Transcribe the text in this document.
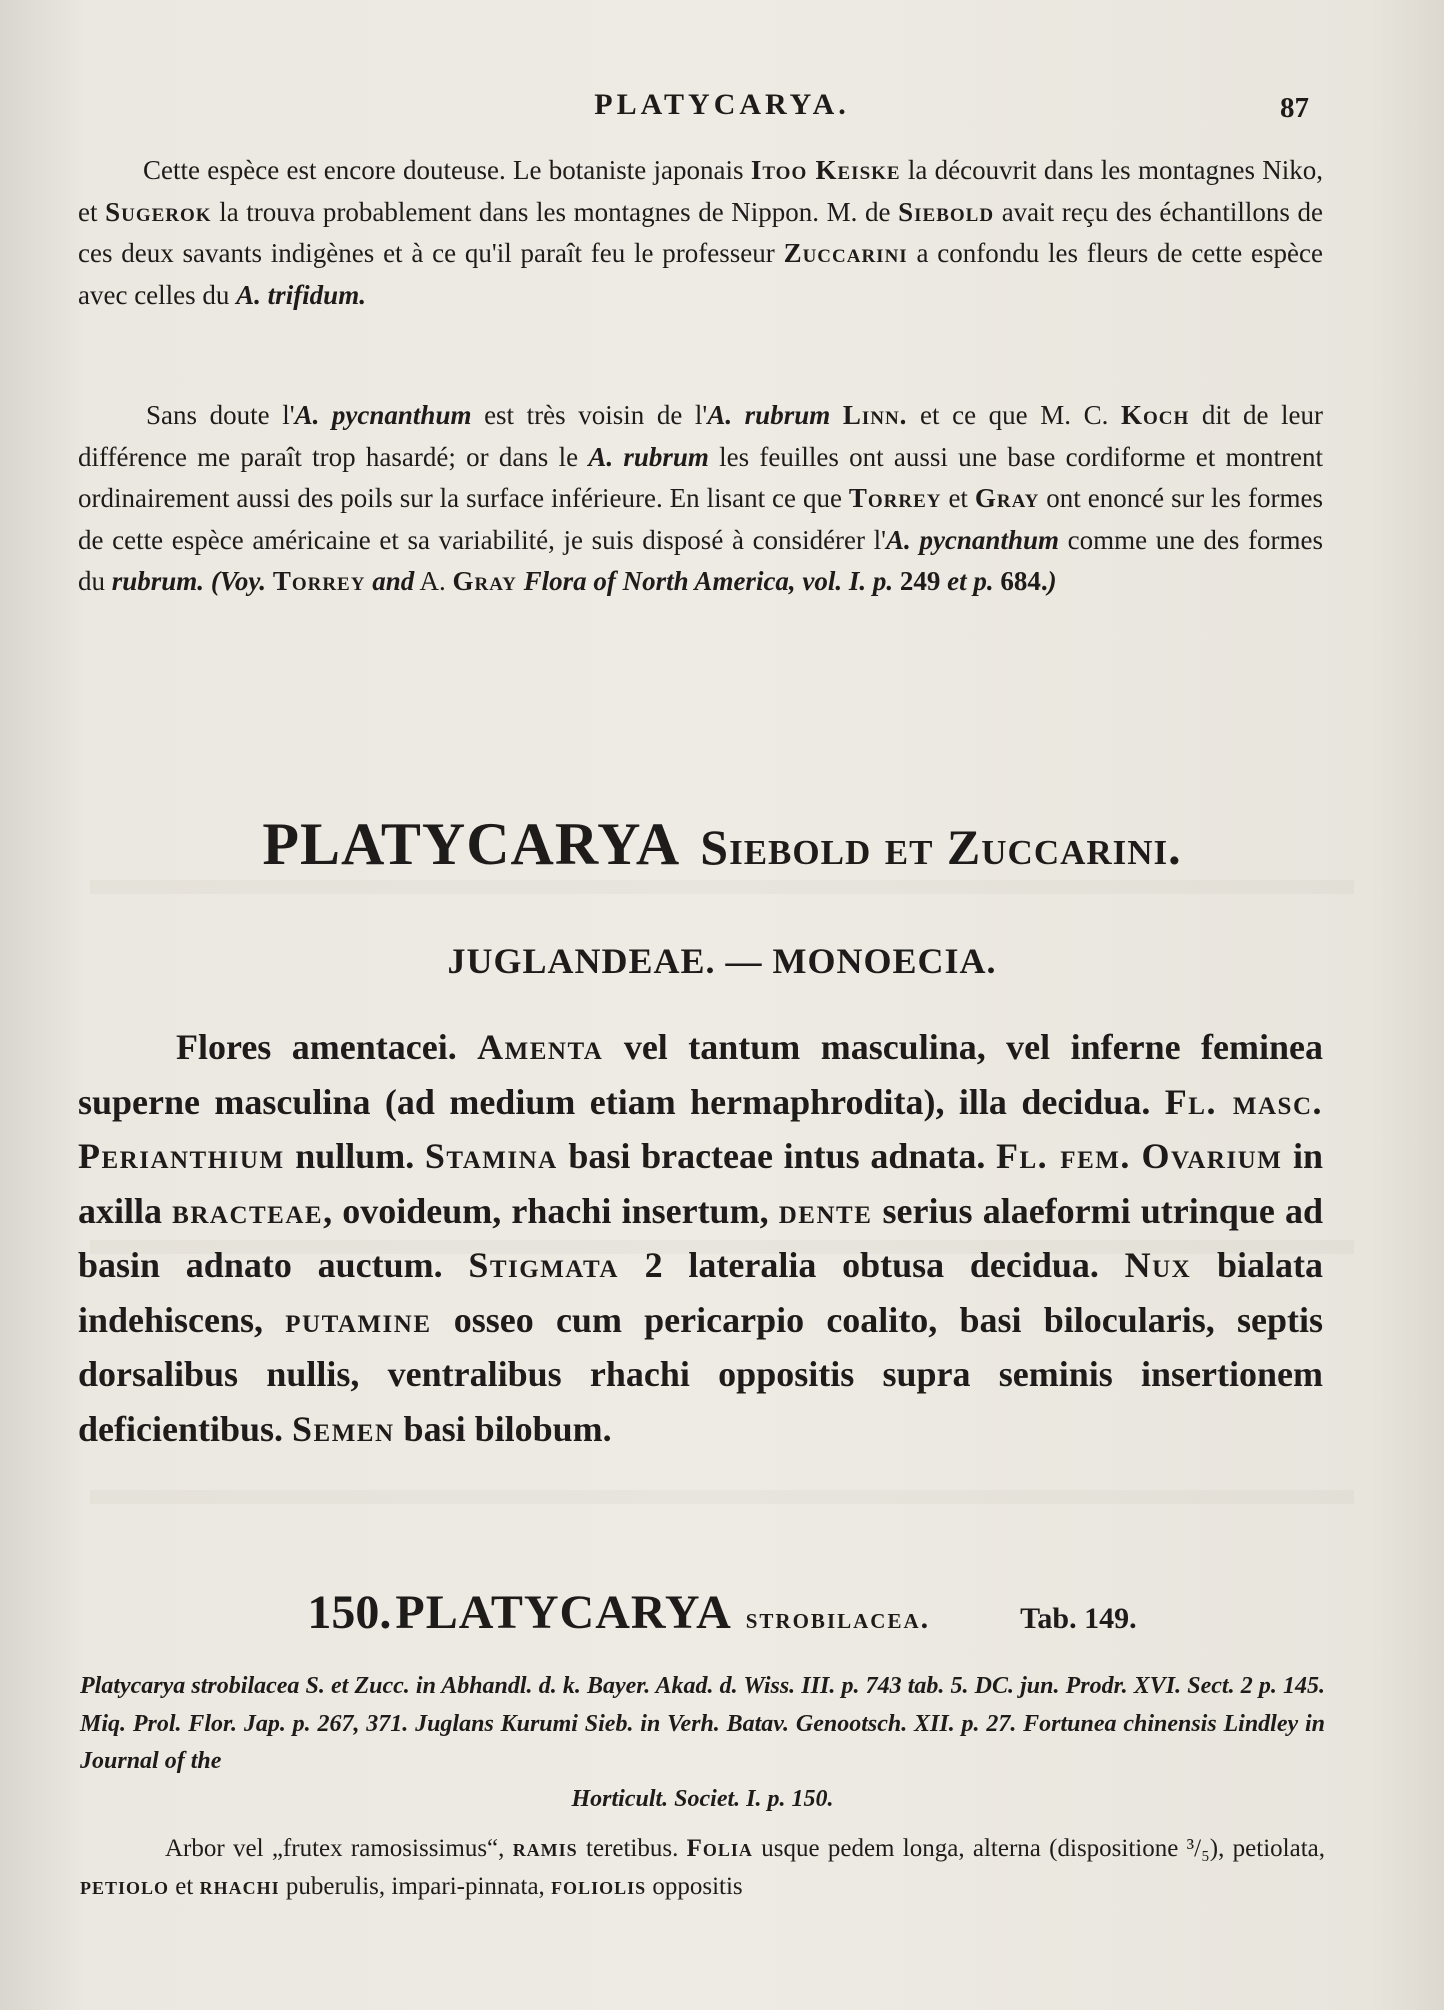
PLATYCARYA.	87

Cette espèce est encore douteuse. Le botaniste japonais Itoo Keiske la découvrit dans les montagnes Niko, et Sugerok la trouva probablement dans les montagnes de Nippon. M. de Siebold avait reçu des échantillons de ces deux savants indigènes et à ce qu'il paraît feu le professeur Zuccarini a confondu les fleurs de cette espèce avec celles du A. trifidum.

Sans doute l'A. pycnanthum est très voisin de l'A. rubrum Linn. et ce que M. C. Koch dit de leur différence me paraît trop hasardé; or dans le A. rubrum les feuilles ont aussi une base cordiforme et montrent ordinairement aussi des poils sur la surface inférieure. En lisant ce que Torrey et Gray ont enoncé sur les formes de cette espèce américaine et sa variabilité, je suis disposé à considérer l'A. pycnanthum comme une des formes du rubrum. (Voy. Torrey and A. Gray Flora of North America, vol. I. p. 249 et p. 684.)

PLATYCARYA Siebold et Zuccarini.
JUGLANDEAE. — MONOECIA.

Flores amentacei. Amenta vel tantum masculina, vel inferne feminea superne masculina (ad medium etiam hermaphrodita), illa decidua. Fl. masc. Perianthium nullum. Stamina basi bracteae intus adnata. Fl. fem. Ovarium in axilla bracteae, ovoideum, rhachi insertum, dente serius alaeformi utrinque ad basin adnato auctum. Stigmata 2 lateralia obtusa decidua. Nux bialata indehiscens, putamine osseo cum pericarpio coalito, basi bilocularis, septis dorsalibus nullis, ventralibus rhachi oppositis supra seminis insertionem deficientibus. Semen basi bilobum.

150. PLATYCARYA strobilacea.	Tab. 149.

Platycarya strobilacea S. et Zucc. in Abhandl. d. k. Bayer. Akad. d. Wiss. III. p. 743 tab. 5. DC. jun. Prodr. XVI. Sect. 2 p. 145. Miq. Prol. Flor. Jap. p. 267, 371. Juglans Kurumi Sieb. in Verh. Batav. Genootsch. XII. p. 27. Fortunea chinensis Lindley in Journal of the
Horticult. Societ. I. p. 150.

Arbor vel „frutex ramosissimus“, ramis teretibus. Folia usque pedem longa, alterna (dispositione ³/₅), petiolata, petiolo et rhachi puberulis, impari-pinnata, foliolis oppositis
